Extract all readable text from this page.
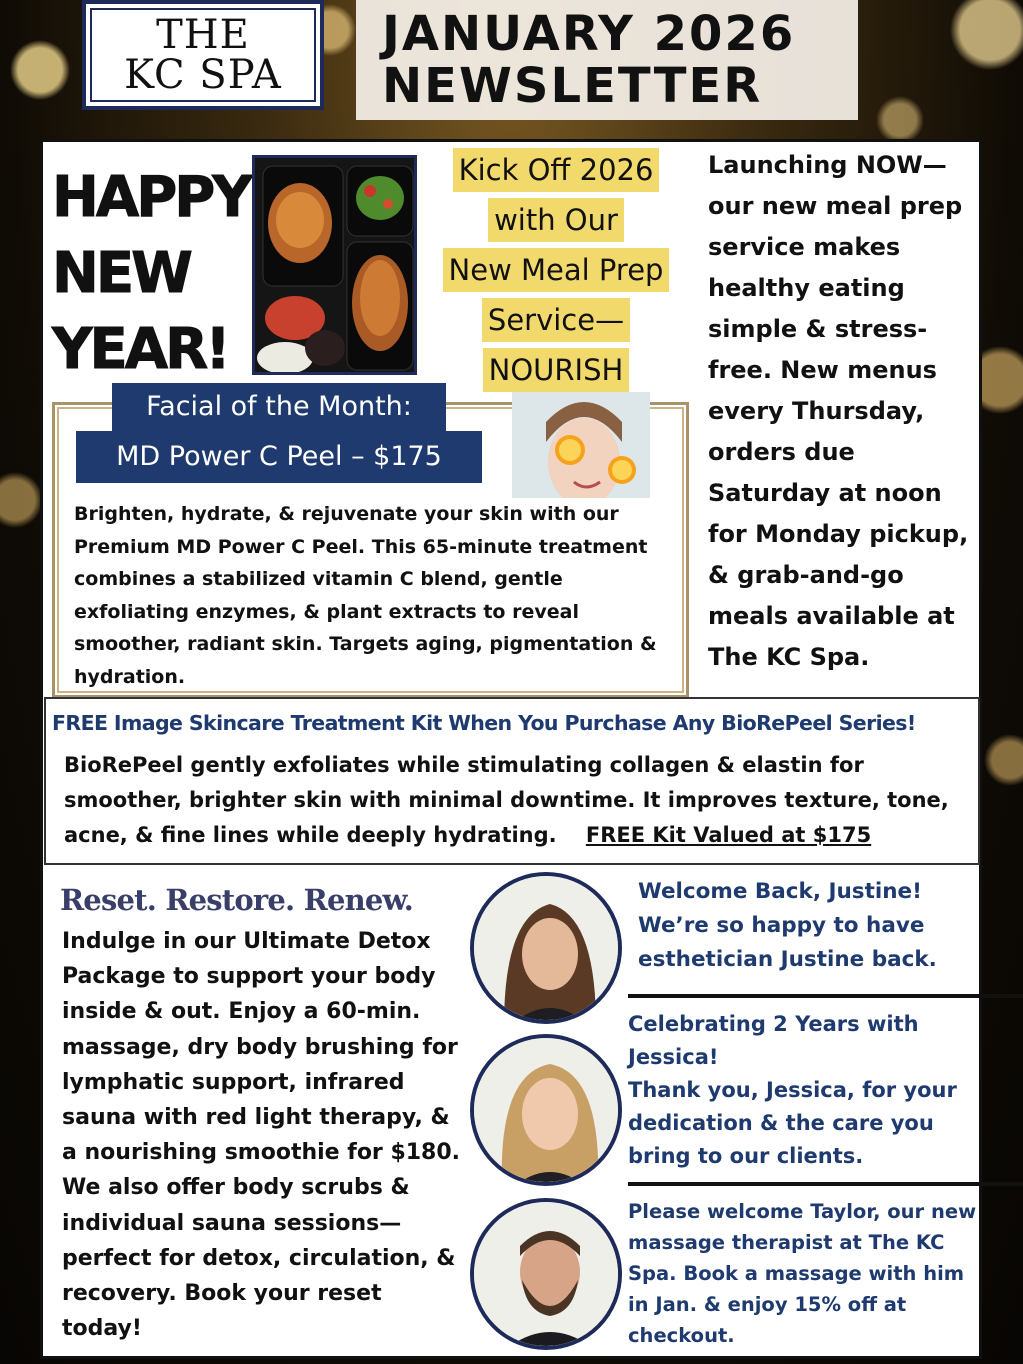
THE
KC SPA
JANUARY 2026
NEWSLETTER
HAPPY
NEW
YEAR!
Kick Off 2026
with Our
New Meal Prep
Service—
NOURISH
Launching NOW—our new meal prep service makes healthy eating simple & stress-free. New menus every Thursday, orders due Saturday at noon for Monday pickup, & grab-and-go meals available at The KC Spa.
Facial of the Month:
MD Power C Peel – $175
Brighten, hydrate, & rejuvenate your skin with our Premium MD Power C Peel. This 65-minute treatment combines a stabilized vitamin C blend, gentle exfoliating enzymes, & plant extracts to reveal smoother, radiant skin. Targets aging, pigmentation & hydration.
FREE Image Skincare Treatment Kit When You Purchase Any BioRePeel Series!
BioRePeel gently exfoliates while stimulating collagen & elastin for smoother, brighter skin with minimal downtime. It improves texture, tone, acne, & fine lines while deeply hydrating. FREE Kit Valued at $175
Reset. Restore. Renew.
Indulge in our Ultimate Detox Package to support your body inside & out. Enjoy a 60-min. massage, dry body brushing for lymphatic support, infrared sauna with red light therapy, & a nourishing smoothie for $180. We also offer body scrubs & individual sauna sessions—perfect for detox, circulation, & recovery. Book your reset today!
Welcome Back, Justine! We’re so happy to have esthetician Justine back.
Celebrating 2 Years with Jessica!
Thank you, Jessica, for your dedication & the care you bring to our clients.
Please welcome Taylor, our new massage therapist at The KC Spa. Book a massage with him in Jan. & enjoy 15% off at checkout.
